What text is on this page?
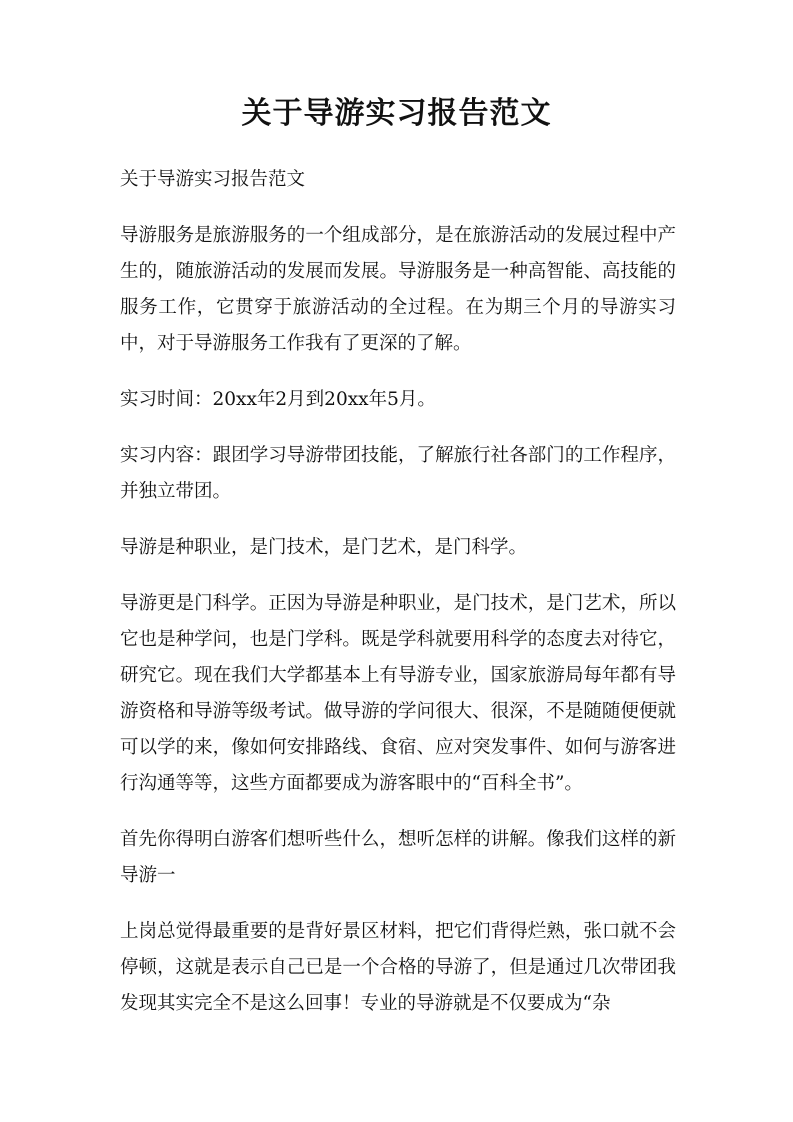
关于导游实习报告范文

关于导游实习报告范文

导游服务是旅游服务的一个组成部分，是在旅游活动的发展过程中产生的，随旅游活动的发展而发展。导游服务是一种高智能、高技能的服务工作，它贯穿于旅游活动的全过程。在为期三个月的导游实习中，对于导游服务工作我有了更深的了解。

实习时间：20xx年2月到20xx年5月。

实习内容：跟团学习导游带团技能，了解旅行社各部门的工作程序，并独立带团。

导游是种职业，是门技术，是门艺术，是门科学。

导游更是门科学。正因为导游是种职业，是门技术，是门艺术，所以它也是种学问，也是门学科。既是学科就要用科学的态度去对待它，研究它。现在我们大学都基本上有导游专业，国家旅游局每年都有导游资格和导游等级考试。做导游的学问很大、很深，不是随随便便就可以学的来，像如何安排路线、食宿、应对突发事件、如何与游客进行沟通等等，这些方面都要成为游客眼中的“百科全书”。

首先你得明白游客们想听些什么，想听怎样的讲解。像我们这样的新导游一

上岗总觉得最重要的是背好景区材料，把它们背得烂熟，张口就不会停顿，这就是表示自己已是一个合格的导游了，但是通过几次带团我发现其实完全不是这么回事！专业的导游就是不仅要成为“杂
